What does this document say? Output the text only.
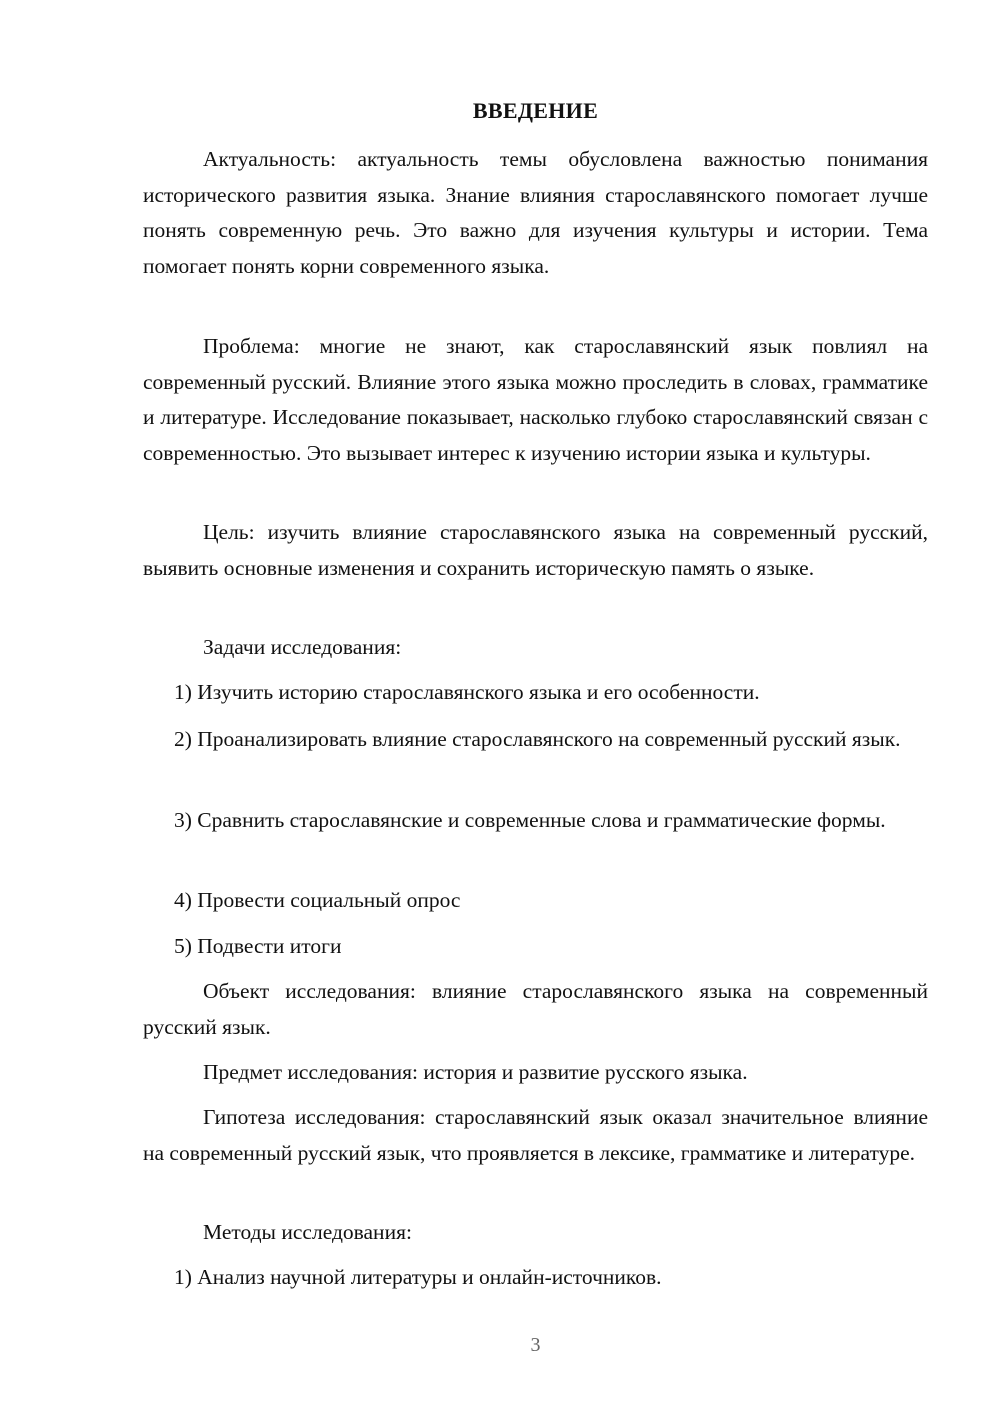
ВВЕДЕНИЕ

Актуальность: актуальность темы обусловлена важностью понимания исторического развития языка. Знание влияния старославянского помогает лучше понять современную речь. Это важно для изучения культуры и истории. Тема помогает понять корни современного языка.

Проблема: многие не знают, как старославянский язык повлиял на современный русский. Влияние этого языка можно проследить в словах, грамматике и литературе. Исследование показывает, насколько глубоко старославянский связан с современностью. Это вызывает интерес к изучению истории языка и культуры.

Цель: изучить влияние старославянского языка на современный русский, выявить основные изменения и сохранить историческую память о языке.

Задачи исследования:

1) Изучить историю старославянского языка и его особенности.

2) Проанализировать влияние старославянского на современный русский язык.

3) Сравнить старославянские и современные слова и грамматические формы.

4) Провести социальный опрос

5) Подвести итоги

Объект исследования: влияние старославянского языка на современный русский язык.

Предмет исследования: история и развитие русского языка.

Гипотеза исследования: старославянский язык оказал значительное влияние на современный русский язык, что проявляется в лексике, грамматике и литературе.

Методы исследования:

1) Анализ научной литературы и онлайн-источников.

3
